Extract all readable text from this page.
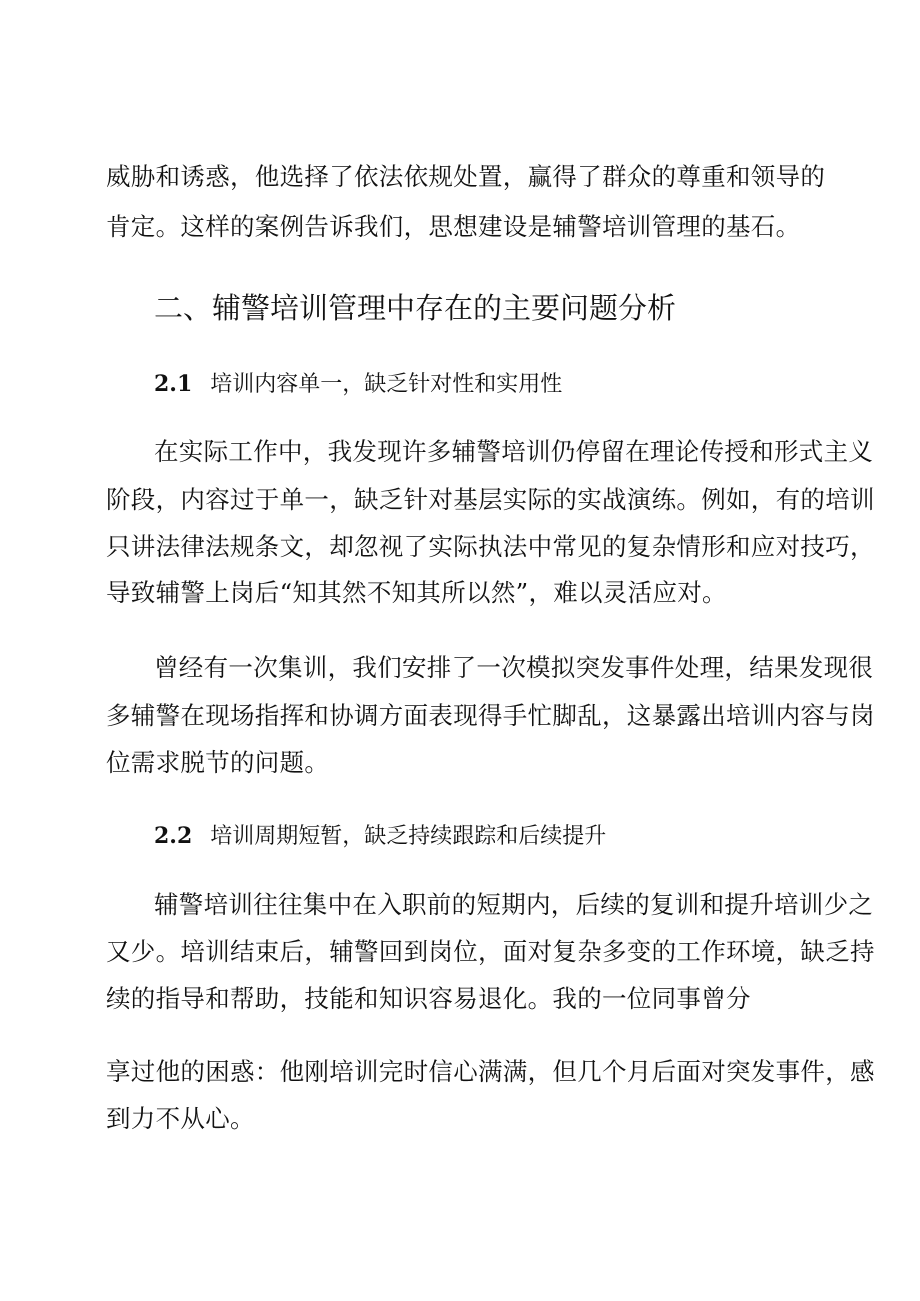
威胁和诱惑，他选择了依法依规处置，赢得了群众的尊重和领导的
肯定。这样的案例告诉我们，思想建设是辅警培训管理的基石。
二、辅警培训管理中存在的主要问题分析
2.1 培训内容单一，缺乏针对性和实用性
在实际工作中，我发现许多辅警培训仍停留在理论传授和形式主义
阶段，内容过于单一，缺乏针对基层实际的实战演练。例如，有的培训
只讲法律法规条文，却忽视了实际执法中常见的复杂情形和应对技巧，
导致辅警上岗后“知其然不知其所以然”，难以灵活应对。
曾经有一次集训，我们安排了一次模拟突发事件处理，结果发现很
多辅警在现场指挥和协调方面表现得手忙脚乱，这暴露出培训内容与岗
位需求脱节的问题。
2.2 培训周期短暂，缺乏持续跟踪和后续提升
辅警培训往往集中在入职前的短期内，后续的复训和提升培训少之
又少。培训结束后，辅警回到岗位，面对复杂多变的工作环境，缺乏持
续的指导和帮助，技能和知识容易退化。我的一位同事曾分
享过他的困惑：他刚培训完时信心满满，但几个月后面对突发事件，感
到力不从心。
